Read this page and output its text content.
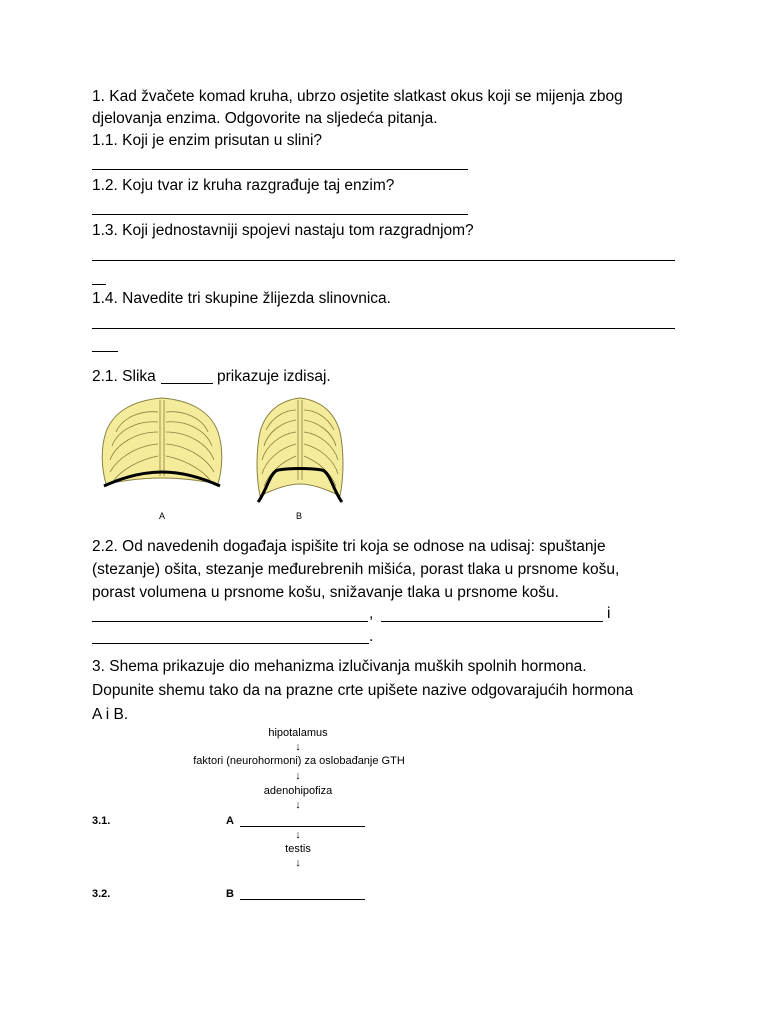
1. Kad žvačete komad kruha, ubrzo osjetite slatkast okus koji se mijenja zbog
djelovanja enzima. Odgovorite na sljedeća pitanja.
1.1. Koji je enzim prisutan u slini?
1.2. Koju tvar iz kruha razgrađuje taj enzim?
1.3. Koji jednostavniji spojevi nastaju tom razgradnjom?
1.4. Navedite tri skupine žlijezda slinovnica.
2.1. Slika	prikazuje izdisaj.
A	B
2.2. Od navedenih događaja ispišite tri koja se odnose na udisaj: spuštanje
(stezanje) ošita, stezanje međurebrenih mišića, porast tlaka u prsnome košu,
porast volumena u prsnome košu, snižavanje tlaka u prsnome košu.
,	i
.
3. Shema prikazuje dio mehanizma izlučivanja muških spolnih hormona.
Dopunite shemu tako da na prazne crte upišete nazive odgovarajućih hormona
A i B.
hipotalamus
↓
faktori (neurohormoni) za oslobađanje GTH
↓
adenohipofiza
↓
3.1.	A
↓
testis
↓
3.2.	B
